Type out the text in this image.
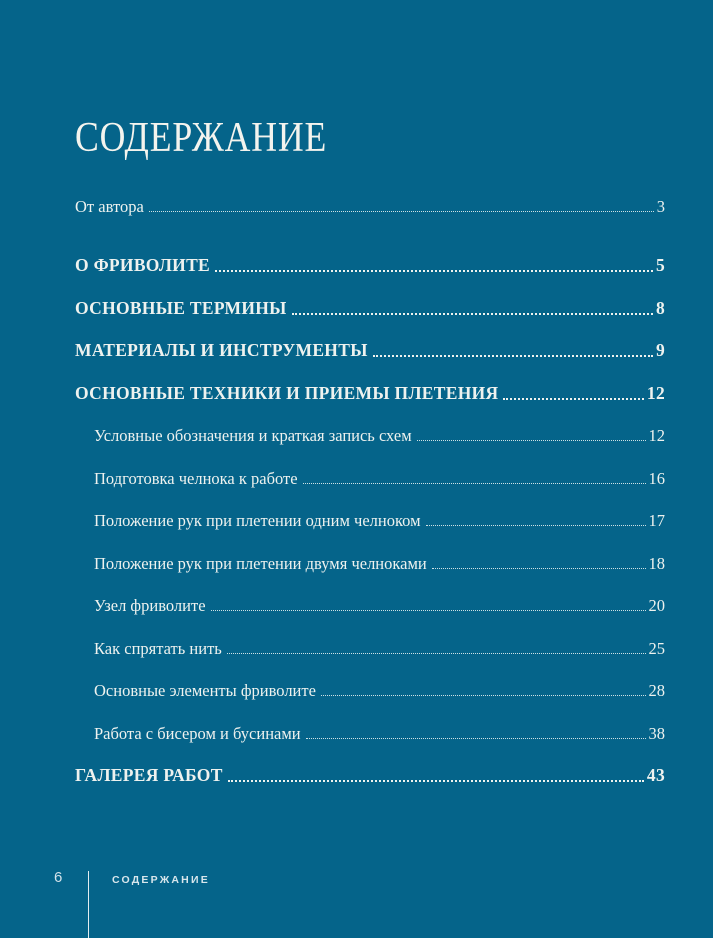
СОДЕРЖАНИЕ
От автора	3
О ФРИВОЛИТЕ	5
ОСНОВНЫЕ ТЕРМИНЫ	8
МАТЕРИАЛЫ И ИНСТРУМЕНТЫ	9
ОСНОВНЫЕ ТЕХНИКИ И ПРИЕМЫ ПЛЕТЕНИЯ	12
Условные обозначения и краткая запись схем	12
Подготовка челнока к работе	16
Положение рук при плетении одним челноком	17
Положение рук при плетении двумя челноками	18
Узел фриволите	20
Как спрятать нить	25
Основные элементы фриволите	28
Работа с бисером и бусинами	38
ГАЛЕРЕЯ РАБОТ	43
6	СОДЕРЖАНИЕ
